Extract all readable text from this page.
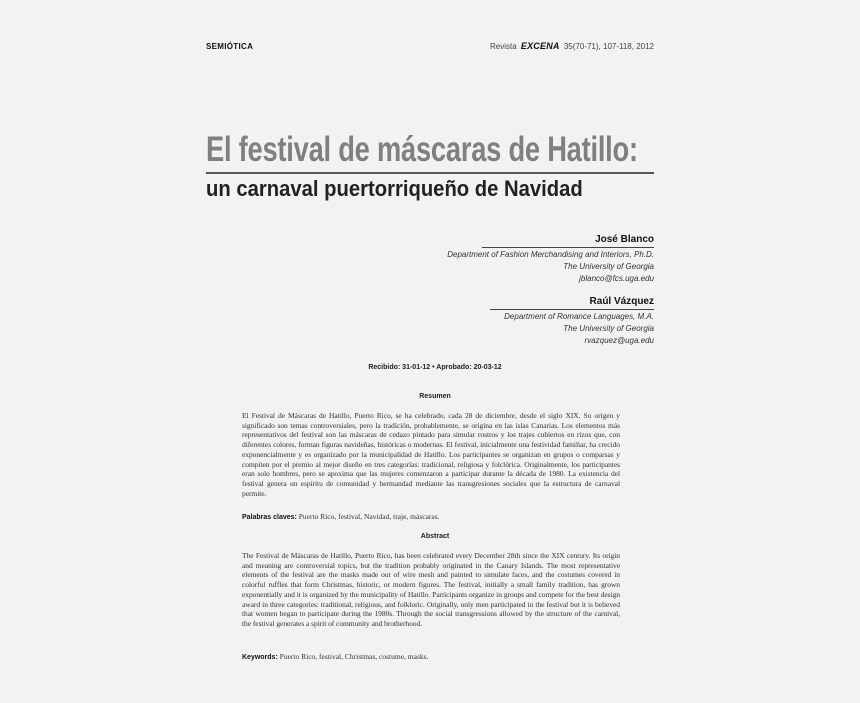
SEMIÓTICA	Revista EXCENA 35(70-71), 107-118, 2012
El festival de máscaras de Hatillo:
un carnaval puertorriqueño de Navidad
José Blanco
Department of Fashion Merchandising and Interiors, Ph.D.
The University of Georgia
jblanco@fcs.uga.edu
Raúl Vázquez
Department of Romance Languages, M.A.
The University of Georgia
rvazquez@uga.edu
Recibido: 31-01-12 • Aprobado: 20-03-12
Resumen
El Festival de Máscaras de Hatillo, Puerto Rico, se ha celebrado, cada 28 de diciembre, desde el siglo XIX. Su origen y significado son temas controversiales, pero la tradición, probablemente, se origina en las islas Canarias. Los elementos más representativos del festival son las máscaras de cedazo pintado para simular rostros y los trajes cubiertos en rizos que, con diferentes colores, forman figuras navideñas, históricas o modernas. El festival, inicialmente una festividad familiar, ha crecido exponencialmente y es organizado por la municipalidad de Hatillo. Los participantes se organizan en grupos o comparsas y compiten por el premio al mejor diseño en tres categorías: tradicional, religiosa y folclórica. Originalmente, los participantes eran solo hombres, pero se apoxima que las mujeres comenzaron a participar durante la década de 1980. La existencia del festival genera un espíritu de comunidad y hermandad mediante las transgresiones sociales que la estructura de carnaval permite.
Palabras claves: Puerto Rico, festival, Navidad, traje, máscaras.
Abstract
The Festival de Máscaras de Hatillo, Puerto Rico, has been celebrated every December 28th since the XIX century. Its origin and meaning are controversial topics, but the tradition probably originated in the Canary Islands. The most representative elements of the festival are the masks made out of wire mesh and painted to simulate faces, and the costumes covered in colorful ruffles that form Christmas, historic, or modern figures. The festival, initially a small family tradition, has grown exponentially and it is organized by the municipality of Hatillo. Participants organize in groups and compete for the best design award in three categories: traditional, religious, and folkloric. Originally, only men participated in the festival but it is believed that women began to participate during the 1980s. Through the social transgressions allowed by the structure of the carnival, the festival generates a spirit of community and brotherhood.
Keywords: Puerto Rico, festival, Christmas, costume, masks.
